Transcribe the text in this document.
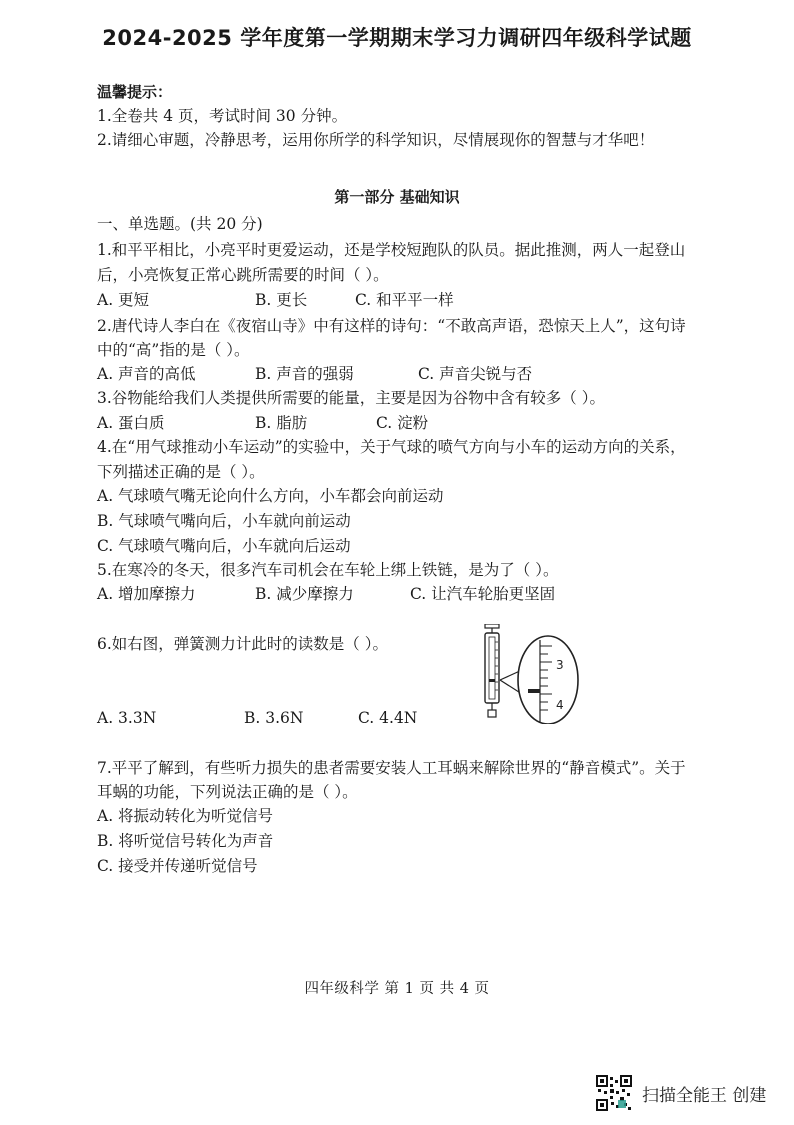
2024-2025 学年度第一学期期末学习力调研四年级科学试题
温馨提示：
1.全卷共 4 页，考试时间 30 分钟。
2.请细心审题，冷静思考，运用你所学的科学知识，尽情展现你的智慧与才华吧！
第一部分 基础知识
一、单选题。(共 20 分)
1.和平平相比，小亮平时更爱运动，还是学校短跑队的队员。据此推测，两人一起登山
后，小亮恢复正常心跳所需要的时间（ ）。
A. 更短	B. 更长	C. 和平平一样
2.唐代诗人李白在《夜宿山寺》中有这样的诗句：“不敢高声语，恐惊天上人”，这句诗
中的“高”指的是（ ）。
A. 声音的高低	B. 声音的强弱	C. 声音尖锐与否
3.谷物能给我们人类提供所需要的能量，主要是因为谷物中含有较多（ ）。
A. 蛋白质	B. 脂肪	C. 淀粉
4.在“用气球推动小车运动”的实验中，关于气球的喷气方向与小车的运动方向的关系，
下列描述正确的是（ ）。
A. 气球喷气嘴无论向什么方向，小车都会向前运动
B. 气球喷气嘴向后，小车就向前运动
C. 气球喷气嘴向后，小车就向后运动
5.在寒冷的冬天，很多汽车司机会在车轮上绑上铁链，是为了（ ）。
A. 增加摩擦力	B. 减少摩擦力	C. 让汽车轮胎更坚固
6.如右图，弹簧测力计此时的读数是（ ）。
A. 3.3N	B. 3.6N	C. 4.4N
3
4
7.平平了解到，有些听力损失的患者需要安装人工耳蜗来解除世界的“静音模式”。关于
耳蜗的功能，下列说法正确的是（ ）。
A. 将振动转化为听觉信号
B. 将听觉信号转化为声音
C. 接受并传递听觉信号
四年级科学 第 1 页 共 4 页
扫描全能王 创建
